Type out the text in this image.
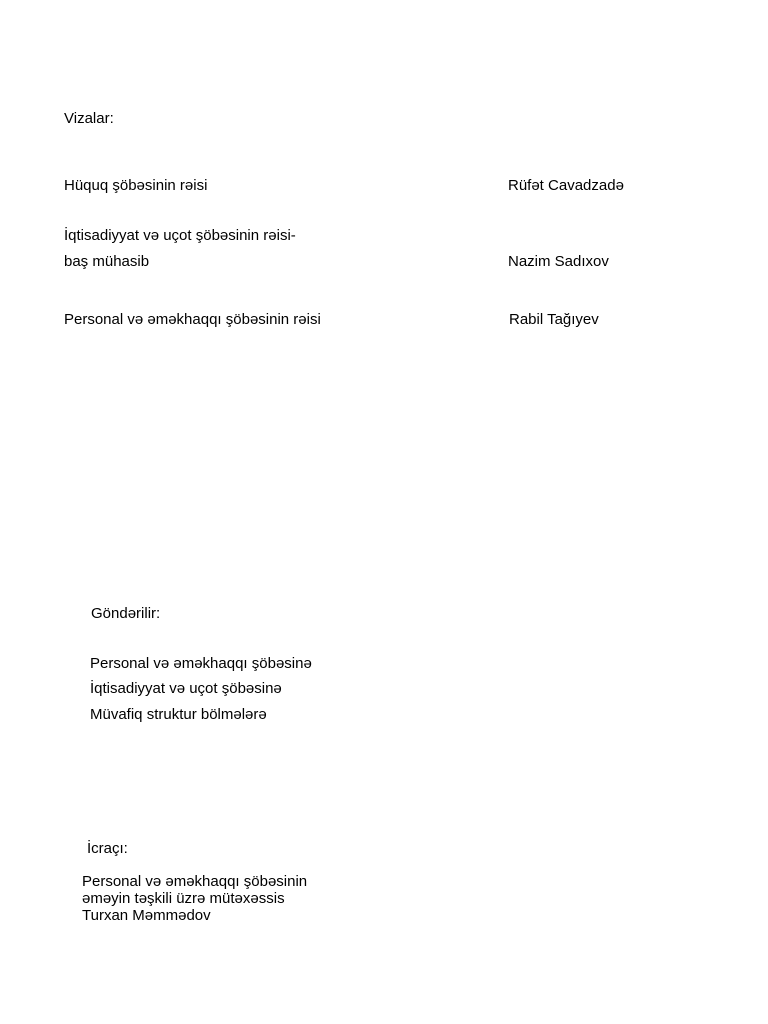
Vizalar:
Hüquq şöbəsinin rəisi	Rüfət Cavadzadə
İqtisadiyyat və uçot şöbəsinin rəisi-
baş mühasib	Nazim Sadıxov
Personal və əməkhaqqı şöbəsinin rəisi	Rabil Tağıyev
Göndərilir:
Personal və əməkhaqqı şöbəsinə
İqtisadiyyat və uçot şöbəsinə
Müvafiq struktur bölmələrə
İcraçı:
Personal və əməkhaqqı şöbəsinin
əməyin təşkili üzrə mütəxəssis
Turxan Məmmədov
